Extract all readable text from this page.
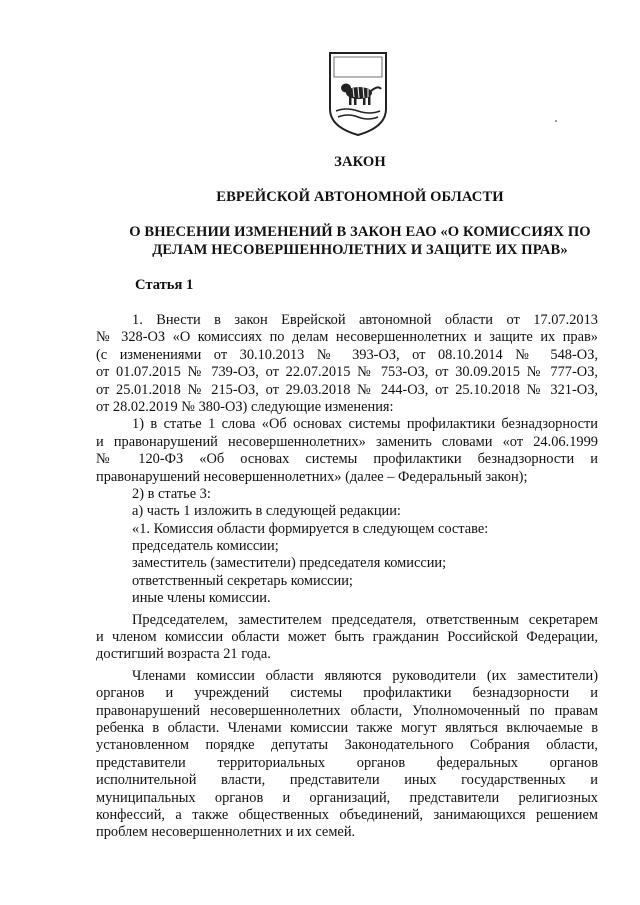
ЗАКОН
ЕВРЕЙСКОЙ АВТОНОМНОЙ ОБЛАСТИ
О ВНЕСЕНИИ ИЗМЕНЕНИЙ В ЗАКОН ЕАО «О КОМИССИЯХ ПО
ДЕЛАМ НЕСОВЕРШЕННОЛЕТНИХ И ЗАЩИТЕ ИХ ПРАВ»
Статья 1
1. Внести в закон Еврейской автономной области от 17.07.2013
№ 328-ОЗ «О комиссиях по делам несовершеннолетних и защите их прав»
(с изменениями от 30.10.2013 № 393-ОЗ, от 08.10.2014 № 548-ОЗ,
от 01.07.2015 № 739-ОЗ, от 22.07.2015 № 753-ОЗ, от 30.09.2015 № 777-ОЗ,
от 25.01.2018 № 215-ОЗ, от 29.03.2018 № 244-ОЗ, от 25.10.2018 № 321-ОЗ,
от 28.02.2019 № 380-ОЗ) следующие изменения:
1) в статье 1 слова «Об основах системы профилактики безнадзорности
и правонарушений несовершеннолетних» заменить словами «от 24.06.1999
№ 120-ФЗ «Об основах системы профилактики безнадзорности и
правонарушений несовершеннолетних» (далее – Федеральный закон);
2) в статье 3:
а) часть 1 изложить в следующей редакции:
«1. Комиссия области формируется в следующем составе:
председатель комиссии;
заместитель (заместители) председателя комиссии;
ответственный секретарь комиссии;
иные члены комиссии.
Председателем, заместителем председателя, ответственным секретарем
и членом комиссии области может быть гражданин Российской Федерации,
достигший возраста 21 года.
Членами комиссии области являются руководители (их заместители)
органов и учреждений системы профилактики безнадзорности и
правонарушений несовершеннолетних области, Уполномоченный по правам
ребенка в области. Членами комиссии также могут являться включаемые в
установленном порядке депутаты Законодательного Собрания области,
представители территориальных органов федеральных органов
исполнительной власти, представители иных государственных и
муниципальных органов и организаций, представители религиозных
конфессий, а также общественных объединений, занимающихся решением
проблем несовершеннолетних и их семей.
